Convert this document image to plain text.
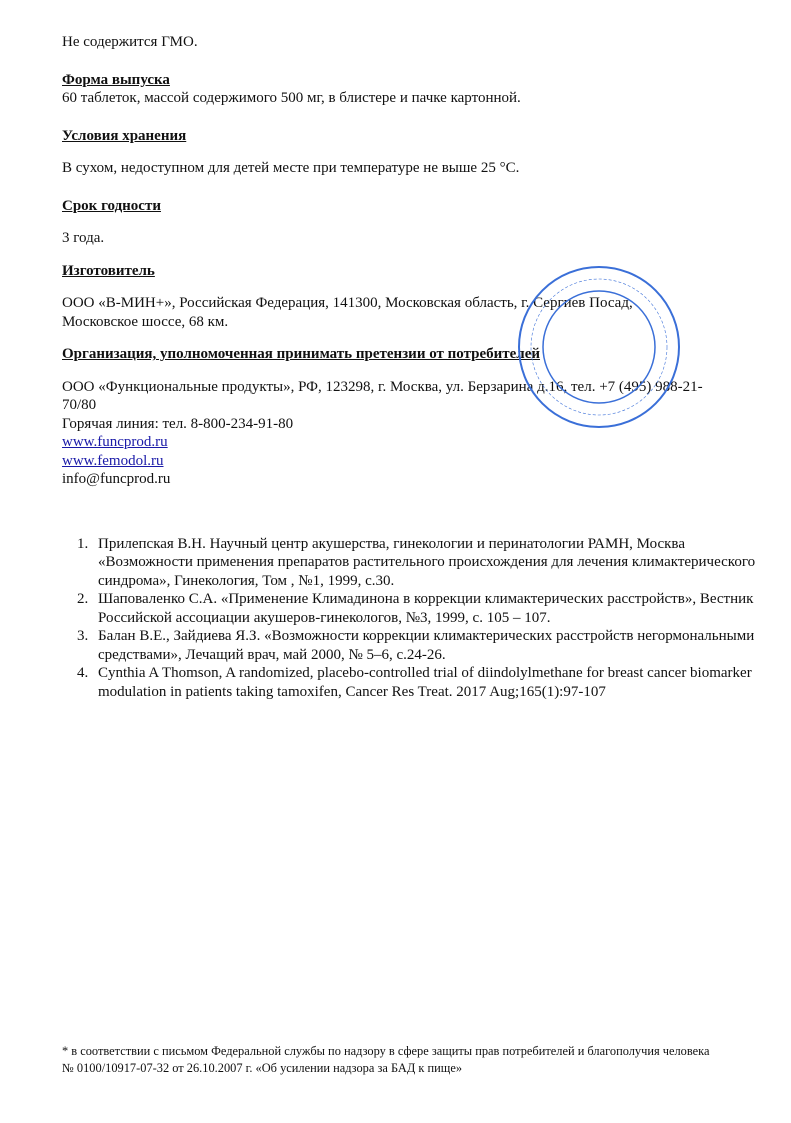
Не содержится ГМО.
Форма выпуска
60 таблеток, массой содержимого 500 мг, в блистере и пачке картонной.
Условия хранения
В сухом, недоступном для детей месте при температуре не выше 25 °С.
Срок годности
3 года.
Изготовитель
ООО «В-МИН+», Российская Федерация, 141300, Московская область, г. Сергиев Посад,
Московское шоссе, 68 км.
Организация, уполномоченная принимать претензии от потребителей
ООО «Функциональные продукты», РФ, 123298, г. Москва, ул. Берзарина д.16, тел. +7 (495) 988-21-
70/80
Горячая линия: тел. 8-800-234-91-80
www.funcprod.ru
www.femodol.ru
info@funcprod.ru
1. Прилепская В.Н. Научный центр акушерства, гинекологии и перинатологии РАМН, Москва «Возможности применения препаратов растительного происхождения для лечения климактерического синдрома», Гинекология, Том , №1, 1999, с.30.
2. Шаповаленко С.А. «Применение Климадинона в коррекции климактерических расстройств», Вестник Российской ассоциации акушеров-гинекологов, №3, 1999, с. 105 – 107.
3. Балан В.Е., Зайдиева Я.З. «Возможности коррекции климактерических расстройств негормональными средствами», Лечащий врач, май 2000, № 5–6, с.24-26.
4. Cynthia A Thomson, A randomized, placebo-controlled trial of diindolylmethane for breast cancer biomarker modulation in patients taking tamoxifen, Cancer Res Treat. 2017 Aug;165(1):97-107
* в соответствии с письмом Федеральной службы по надзору в сфере защиты прав потребителей и благополучия человека
№ 0100/10917-07-32 от 26.10.2007 г. «Об усилении надзора за БАД к пище»
